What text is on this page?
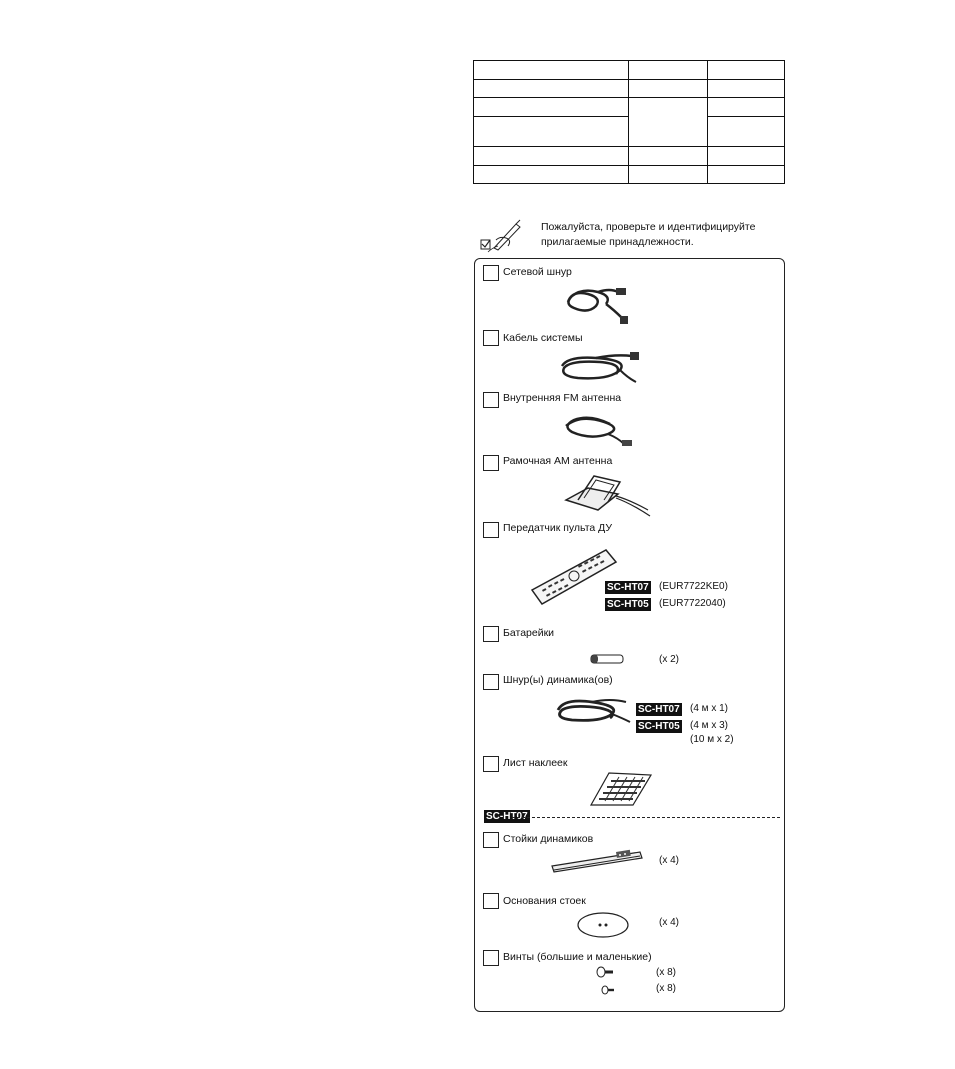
Пожалуйста, проверьте и идентифицируйте прилагаемые принадлежности.
Сетевой шнур
Кабель системы
Внутренняя FM антенна
Рамочная АМ антенна
Передатчик пульта ДУ
SC-HT07 (EUR7722KE0)
SC-HT05 (EUR7722040)
Батарейки
(x 2)
Шнур(ы) динамика(ов)
SC-HT07 (4 м x 1)
SC-HT05 (4 м x 3)
(10 м x 2)
Лист наклеек
SC-HT07
Стойки динамиков
(x 4)
Основания стоек
(x 4)
Винты (большие и маленькие)
(x 8)
(x 8)
